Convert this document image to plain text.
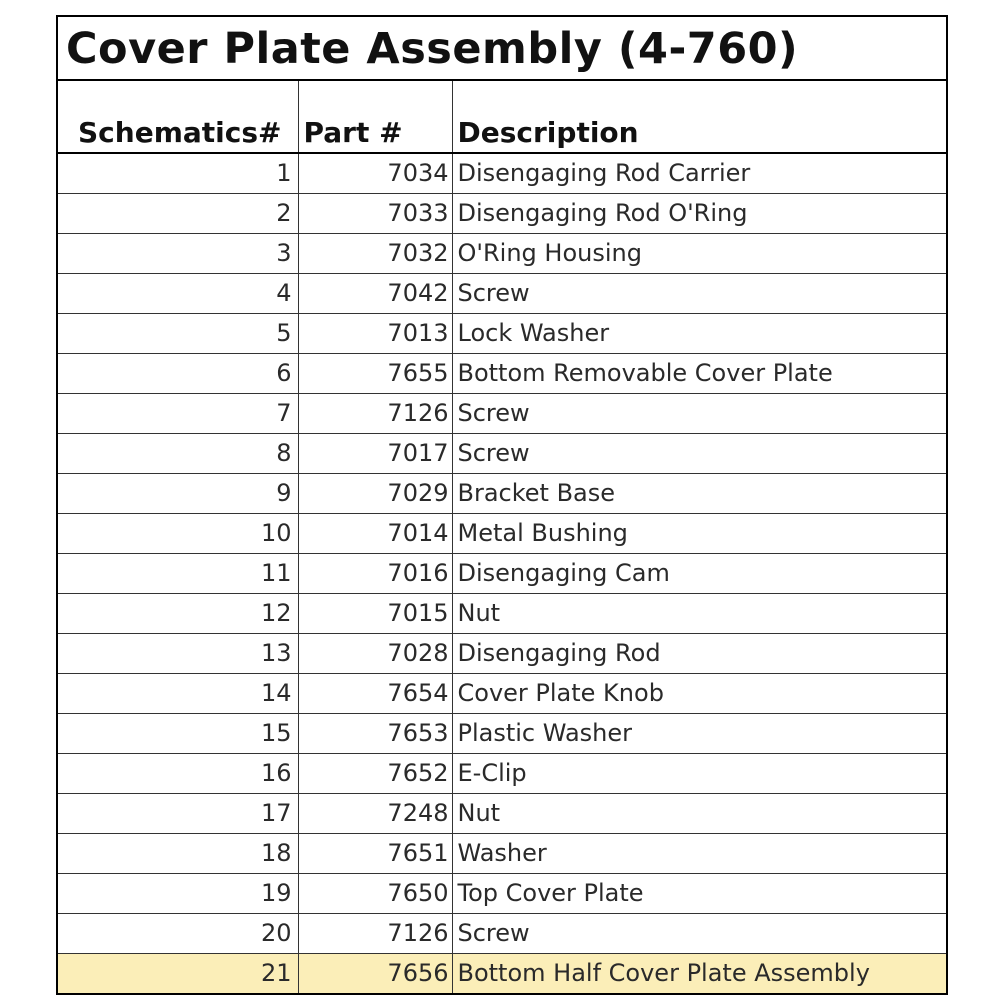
Cover Plate Assembly (4-760)
Schematics#	Part #	Description
1	7034	Disengaging Rod Carrier
2	7033	Disengaging Rod O'Ring
3	7032	O'Ring Housing
4	7042	Screw
5	7013	Lock Washer
6	7655	Bottom Removable Cover Plate
7	7126	Screw
8	7017	Screw
9	7029	Bracket Base
10	7014	Metal Bushing
11	7016	Disengaging Cam
12	7015	Nut
13	7028	Disengaging Rod
14	7654	Cover Plate Knob
15	7653	Plastic Washer
16	7652	E-Clip
17	7248	Nut
18	7651	Washer
19	7650	Top Cover Plate
20	7126	Screw
21	7656	Bottom Half Cover Plate Assembly
